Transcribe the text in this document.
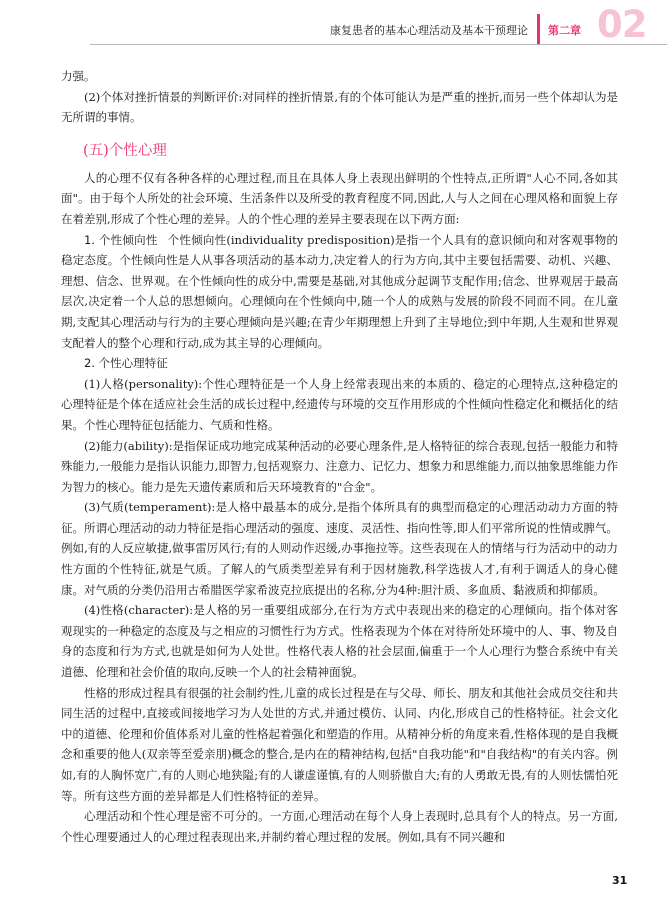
康复患者的基本心理活动及基本干预理论 第二章 02

力强。

(2)个体对挫折情景的判断评价:对同样的挫折情景,有的个体可能认为是严重的挫折,而另一些个体却认为是无所谓的事情。

(五)个性心理

人的心理不仅有各种各样的心理过程,而且在具体人身上表现出鲜明的个性特点,正所谓"人心不同,各如其面"。由于每个人所处的社会环境、生活条件以及所受的教育程度不同,因此,人与人之间在心理风格和面貌上存在着差别,形成了个性心理的差异。人的个性心理的差异主要表现在以下两方面:

1. 个性倾向性 个性倾向性(individuality predisposition)是指一个人具有的意识倾向和对客观事物的稳定态度。个性倾向性是人从事各项活动的基本动力,决定着人的行为方向,其中主要包括需要、动机、兴趣、理想、信念、世界观。在个性倾向性的成分中,需要是基础,对其他成分起调节支配作用;信念、世界观居于最高层次,决定着一个人总的思想倾向。心理倾向在个性倾向中,随一个人的成熟与发展的阶段不同而不同。在儿童期,支配其心理活动与行为的主要心理倾向是兴趣;在青少年期理想上升到了主导地位;到中年期,人生观和世界观支配着人的整个心理和行动,成为其主导的心理倾向。

2. 个性心理特征

(1)人格(personality):个性心理特征是一个人身上经常表现出来的本质的、稳定的心理特点,这种稳定的心理特征是个体在适应社会生活的成长过程中,经遗传与环境的交互作用形成的个性倾向性稳定化和概括化的结果。个性心理特征包括能力、气质和性格。

(2)能力(ability):是指保证成功地完成某种活动的必要心理条件,是人格特征的综合表现,包括一般能力和特殊能力,一般能力是指认识能力,即智力,包括观察力、注意力、记忆力、想象力和思维能力,而以抽象思维能力作为智力的核心。能力是先天遗传素质和后天环境教育的"合金"。

(3)气质(temperament):是人格中最基本的成分,是指个体所具有的典型而稳定的心理活动动力方面的特征。所谓心理活动的动力特征是指心理活动的强度、速度、灵活性、指向性等,即人们平常所说的性情或脾气。例如,有的人反应敏捷,做事雷厉风行;有的人则动作迟缓,办事拖拉等。这些表现在人的情绪与行为活动中的动力性方面的个性特征,就是气质。了解人的气质类型差异有利于因材施教,科学选拔人才,有利于调适人的身心健康。对气质的分类仍沿用古希腊医学家希波克拉底提出的名称,分为4种:胆汁质、多血质、黏液质和抑郁质。

(4)性格(character):是人格的另一重要组成部分,在行为方式中表现出来的稳定的心理倾向。指个体对客观现实的一种稳定的态度及与之相应的习惯性行为方式。性格表现为个体在对待所处环境中的人、事、物及自身的态度和行为方式,也就是如何为人处世。性格代表人格的社会层面,偏重于一个人心理行为整合系统中有关道德、伦理和社会价值的取向,反映一个人的社会精神面貌。

性格的形成过程具有很强的社会制约性,儿童的成长过程是在与父母、师长、朋友和其他社会成员交往和共同生活的过程中,直接或间接地学习为人处世的方式,并通过模仿、认同、内化,形成自己的性格特征。社会文化中的道德、伦理和价值体系对儿童的性格起着强化和塑造的作用。从精神分析的角度来看,性格体现的是自我概念和重要的他人(双亲等至爱亲朋)概念的整合,是内在的精神结构,包括"自我功能"和"自我结构"的有关内容。例如,有的人胸怀宽广,有的人则心地狭隘;有的人谦虚谨慎,有的人则骄傲自大;有的人勇敢无畏,有的人则怯懦怕死等。所有这些方面的差异都是人们性格特征的差异。

心理活动和个性心理是密不可分的。一方面,心理活动在每个人身上表现时,总具有个人的特点。另一方面,个性心理要通过人的心理过程表现出来,并制约着心理过程的发展。例如,具有不同兴趣和

31
